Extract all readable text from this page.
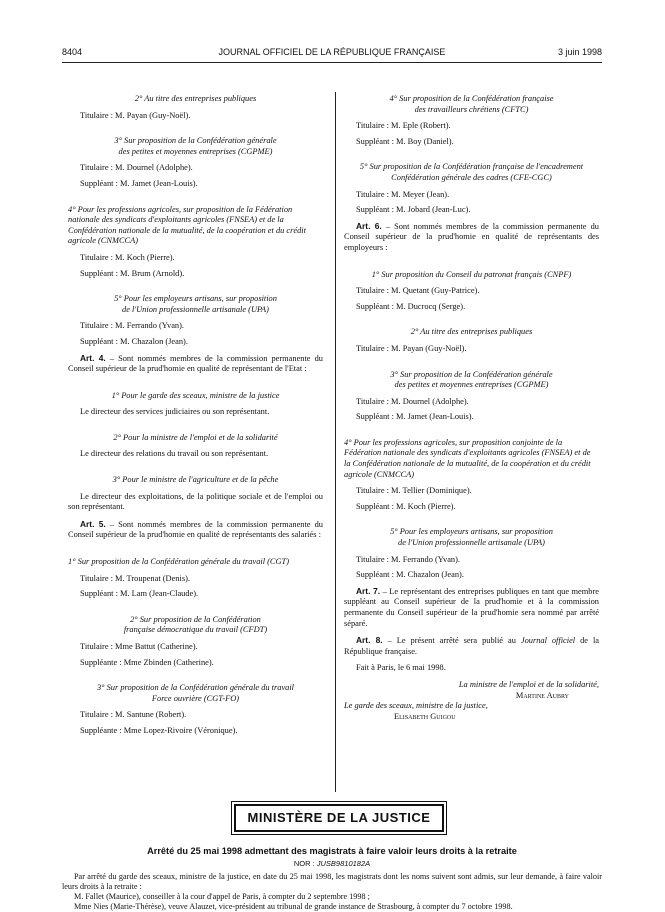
8404	JOURNAL OFFICIEL DE LA RÉPUBLIQUE FRANÇAISE	3 juin 1998

2° Au titre des entreprises publiques

Titulaire : M. Payan (Guy-Noël).

3° Sur proposition de la Confédération générale
des petites et moyennes entreprises (CGPME)

Titulaire : M. Dournel (Adolphe).

Suppléant : M. Jamet (Jean-Louis).

4° Pour les professions agricoles, sur proposition de la Fédération nationale des syndicats d'exploitants agricoles (FNSEA) et de la Confédération nationale de la mutualité, de la coopération et du crédit agricole (CNMCCA)

Titulaire : M. Koch (Pierre).

Suppléant : M. Brum (Arnold).

5° Pour les employeurs artisans, sur proposition
de l'Union professionnelle artisanale (UPA)

Titulaire : M. Ferrando (Yvan).

Suppléant : M. Chazalon (Jean).

Art. 4. – Sont nommés membres de la commission permanente du Conseil supérieur de la prud'homie en qualité de représentant de l'Etat :

1° Pour le garde des sceaux, ministre de la justice

Le directeur des services judiciaires ou son représentant.

2° Pour la ministre de l'emploi et de la solidarité

Le directeur des relations du travail ou son représentant.

3° Pour le ministre de l'agriculture et de la pêche

Le directeur des exploitations, de la politique sociale et de l'emploi ou son représentant.

Art. 5. – Sont nommés membres de la commission permanente du Conseil supérieur de la prud'homie en qualité de représentants des salariés :

1° Sur proposition de la Confédération générale du travail (CGT)

Titulaire : M. Troupenat (Denis).

Suppléant : M. Lam (Jean-Claude).

2° Sur proposition de la Confédération
française démocratique du travail (CFDT)

Titulaire : Mme Battut (Catherine).

Suppléante : Mme Zbinden (Catherine).

3° Sur proposition de la Confédération générale du travail
Force ouvrière (CGT-FO)

Titulaire : M. Santune (Robert).

Suppléante : Mme Lopez-Rivoire (Véronique).

4° Sur proposition de la Confédération française
des travailleurs chrétiens (CFTC)

Titulaire : M. Eple (Robert).

Suppléant : M. Boy (Daniel).

5° Sur proposition de la Confédération française de l'encadrement
Confédération générale des cadres (CFE-CGC)

Titulaire : M. Meyer (Jean).

Suppléant : M. Jobard (Jean-Luc).

Art. 6. – Sont nommés membres de la commission permanente du Conseil supérieur de la prud'homie en qualité de représentants des employeurs :

1° Sur proposition du Conseil du patronat français (CNPF)

Titulaire : M. Quetant (Guy-Patrice).

Suppléant : M. Ducrocq (Serge).

2° Au titre des entreprises publiques

Titulaire : M. Payan (Guy-Noël).

3° Sur proposition de la Confédération générale
des petites et moyennes entreprises (CGPME)

Titulaire : M. Dournel (Adolphe).

Suppléant : M. Jamet (Jean-Louis).

4° Pour les professions agricoles, sur proposition conjointe de la Fédération nationale des syndicats d'exploitants agricoles (FNSEA) et de la Confédération nationale de la mutualité, de la coopération et du crédit agricole (CNMCCA)

Titulaire : M. Tellier (Dominique).

Suppléant : M. Koch (Pierre).

5° Pour les employeurs artisans, sur proposition
de l'Union professionnelle artisanale (UPA)

Titulaire : M. Ferrando (Yvan).

Suppléant : M. Chazalon (Jean).

Art. 7. – Le représentant des entreprises publiques en tant que membre suppléant au Conseil supérieur de la prud'homie et à la commission permanente du Conseil supérieur de la prud'homie sera nommé par arrêté séparé.

Art. 8. – Le présent arrêté sera publié au Journal officiel de la République française.

Fait à Paris, le 6 mai 1998.

La ministre de l'emploi et de la solidarité,

Martine Aubry

Le garde des sceaux, ministre de la justice,

Elisabeth Guigou

MINISTÈRE DE LA JUSTICE
Arrêté du 25 mai 1998 admettant des magistrats à faire valoir leurs droits à la retraite
NOR : JUSB9810182A

Par arrêté du garde des sceaux, ministre de la justice, en date du 25 mai 1998, les magistrats dont les noms suivent sont admis, sur leur demande, à faire valoir leurs droits à la retraite :

M. Fallet (Maurice), conseiller à la cour d'appel de Paris, à compter du 2 septembre 1998 ;

Mme Nies (Marie-Thérèse), veuve Alauzet, vice-président au tribunal de grande instance de Strasbourg, à compter du 7 octobre 1998.
